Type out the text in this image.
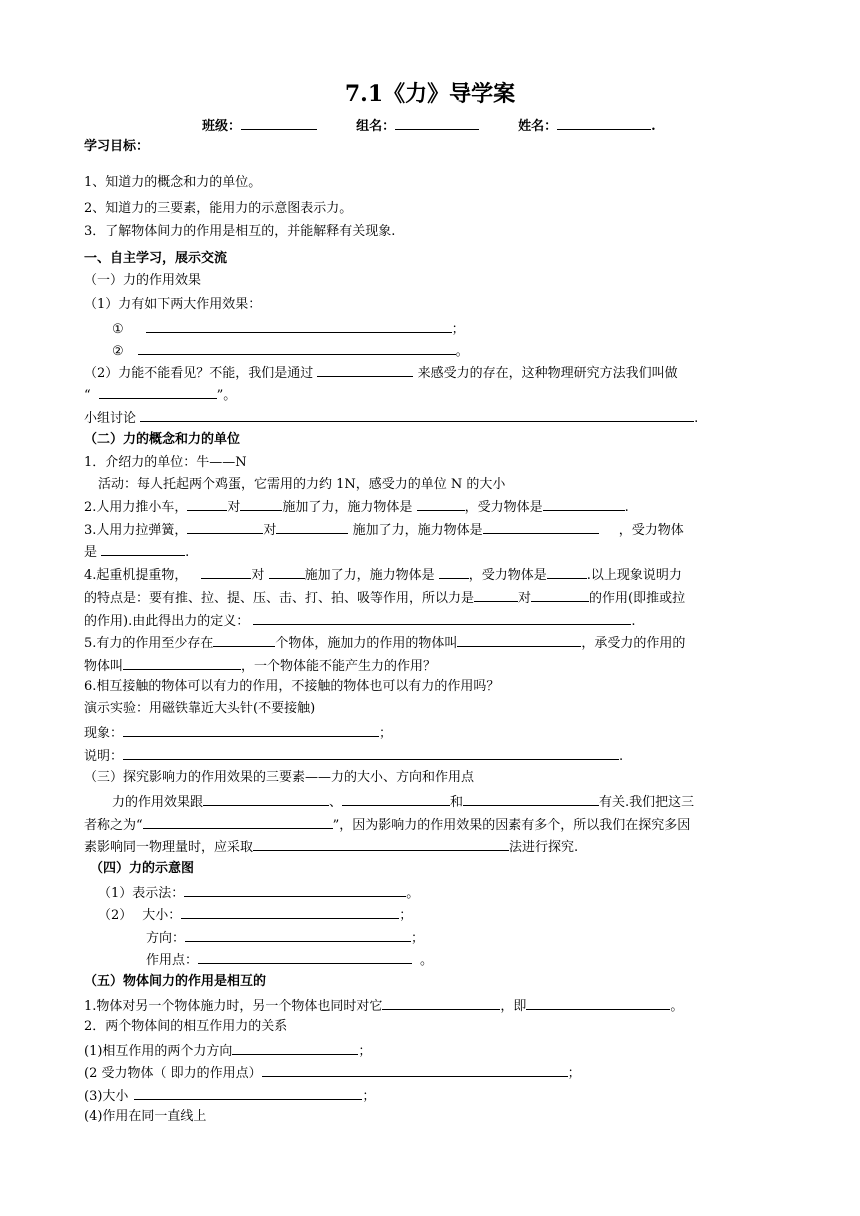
7.1《力》导学案
班级：	组名：	姓名：	.
学习目标：
1、知道力的概念和力的单位。
2、知道力的三要素，能用力的示意图表示力。
3．了解物体间力的作用是相互的，并能解释有关现象.
一、自主学习，展示交流
（一）力的作用效果
（1）力有如下两大作用效果：
①	；
②	。
（2）力能不能看见？不能，我们是通过	来感受力的存在，这种物理研究方法我们叫做
“	”。
小组讨论	.
（二）力的概念和力的单位
1．介绍力的单位：牛——N
活动：每人托起两个鸡蛋，它需用的力约 1N，感受力的单位 N 的大小
2.人用力推小车，	对	施加了力，施力物体是	，受力物体是	.
3.人用力拉弹簧，	对	施加了力，施力物体是	，受力物体
是	.
4.起重机提重物，	对	施加了力，施力物体是	，受力物体是	.以上现象说明力
的特点是：要有推、拉、提、压、击、打、拍、吸等作用，所以力是	对	的作用(即推或拉
的作用).由此得出力的定义：	.
5.有力的作用至少存在	个物体，施加力的作用的物体叫	，承受力的作用的
物体叫	，一个物体能不能产生力的作用？
6.相互接触的物体可以有力的作用，不接触的物体也可以有力的作用吗？
演示实验：用磁铁靠近大头针(不要接触)
现象：	；
说明：	.
（三）探究影响力的作用效果的三要素——力的大小、方向和作用点
力的作用效果跟	、	和	有关.我们把这三
者称之为“	”，因为影响力的作用效果的因素有多个，所以我们在探究多因
素影响同一物理量时，应采取	法进行探究.
（四）力的示意图
（1）表示法：	。
（2） 大小：	；
方向：	；
作用点：	。
（五）物体间力的作用是相互的
1.物体对另一个物体施力时，另一个物体也同时对它	，即	。
2．两个物体间的相互作用力的关系
(1)相互作用的两个力方向	；
(2 受力物体（ 即力的作用点）	；
(3)大小	；
(4)作用在同一直线上
